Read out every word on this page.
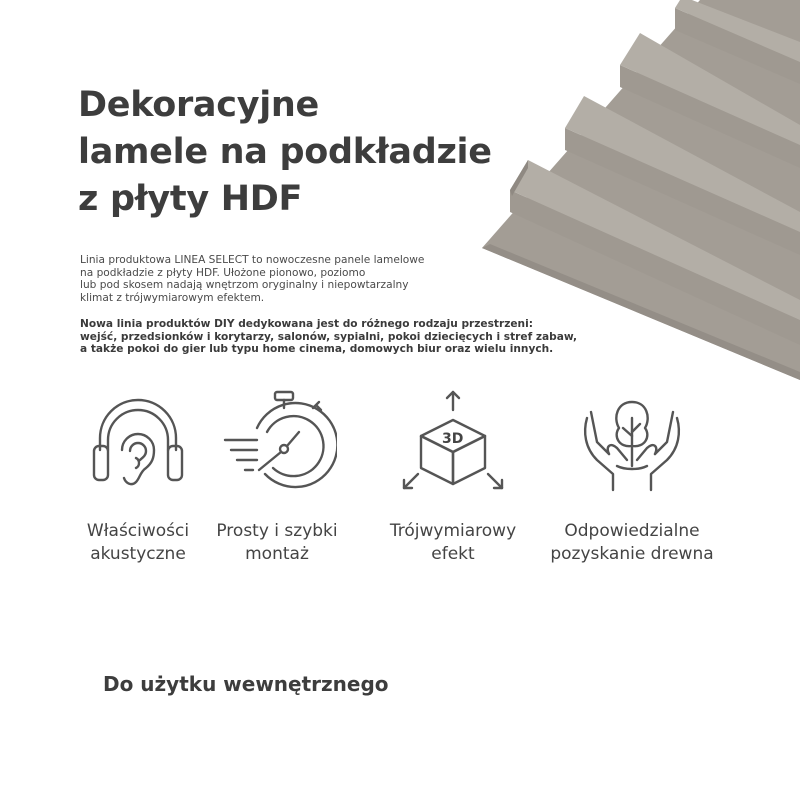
Dekoracyjne
lamele na podkładzie
z płyty HDF

Linia produktowa LINEA SELECT to nowoczesne panele lamelowe
na podkładzie z płyty HDF. Ułożone pionowo, poziomo
lub pod skosem nadają wnętrzom oryginalny i niepowtarzalny
klimat z trójwymiarowym efektem.

Nowa linia produktów DIY dedykowana jest do różnego rodzaju przestrzeni:
wejść, przedsionków i korytarzy, salonów, sypialni, pokoi dziecięcych i stref zabaw,
a także pokoi do gier lub typu home cinema, domowych biur oraz wielu innych.

Właściwości
akustyczne
Prosty i szybki
montaż
3D
Trójwymiarowy
efekt
Odpowiedzialne
pozyskanie drewna
Do użytku wewnętrznego
